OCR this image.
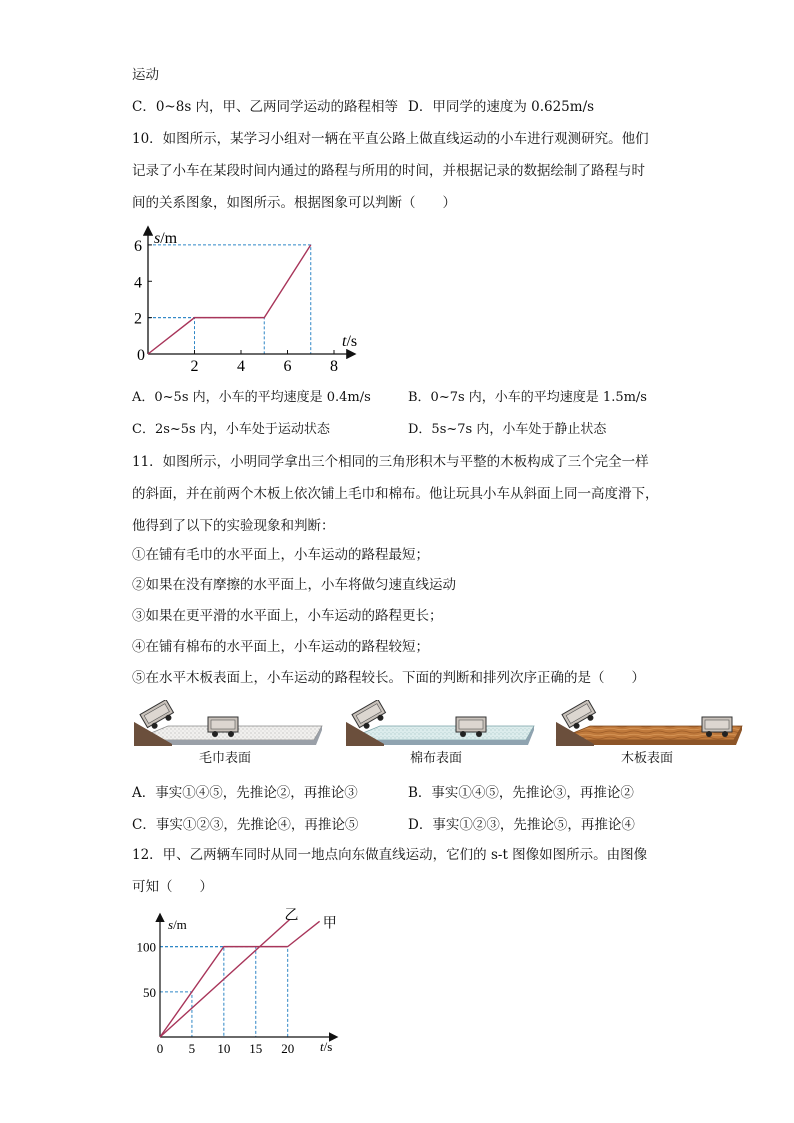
运动
C．0~8s 内，甲、乙两同学运动的路程相等 D．甲同学的速度为 0.625m/s
10．如图所示，某学习小组对一辆在平直公路上做直线运动的小车进行观测研究。他们
记录了小车在某段时间内通过的路程与所用的时间，并根据记录的数据绘制了路程与时
间的关系图象，如图所示。根据图象可以判断（　　）
0
2 4 6 8
2
4
6 s/m
t/s
A．0~5s 内，小车的平均速度是 0.4m/s	B．0~7s 内，小车的平均速度是 1.5m/s
C．2s~5s 内，小车处于运动状态	D．5s~7s 内，小车处于静止状态
11．如图所示，小明同学拿出三个相同的三角形积木与平整的木板构成了三个完全一样
的斜面，并在前两个木板上依次铺上毛巾和棉布。他让玩具小车从斜面上同一高度滑下，
他得到了以下的实验现象和判断：
①在铺有毛巾的水平面上，小车运动的路程最短；
②如果在没有摩擦的水平面上，小车将做匀速直线运动
③如果在更平滑的水平面上，小车运动的路程更长；
④在铺有棉布的水平面上，小车运动的路程较短；
⑤在水平木板表面上，小车运动的路程较长。下面的判断和排列次序正确的是（　　）
毛巾表面	棉布表面	木板表面
A．事实①④⑤，先推论②，再推论③	B．事实①④⑤，先推论③，再推论②
C．事实①②③，先推论④，再推论⑤	D．事实①②③，先推论⑤，再推论④
12．甲、乙两辆车同时从同一地点向东做直线运动，它们的 s-t 图像如图所示。由图像
可知（　　）
0 5 10 15 20
50
100
乙
甲
s/m
t/s
